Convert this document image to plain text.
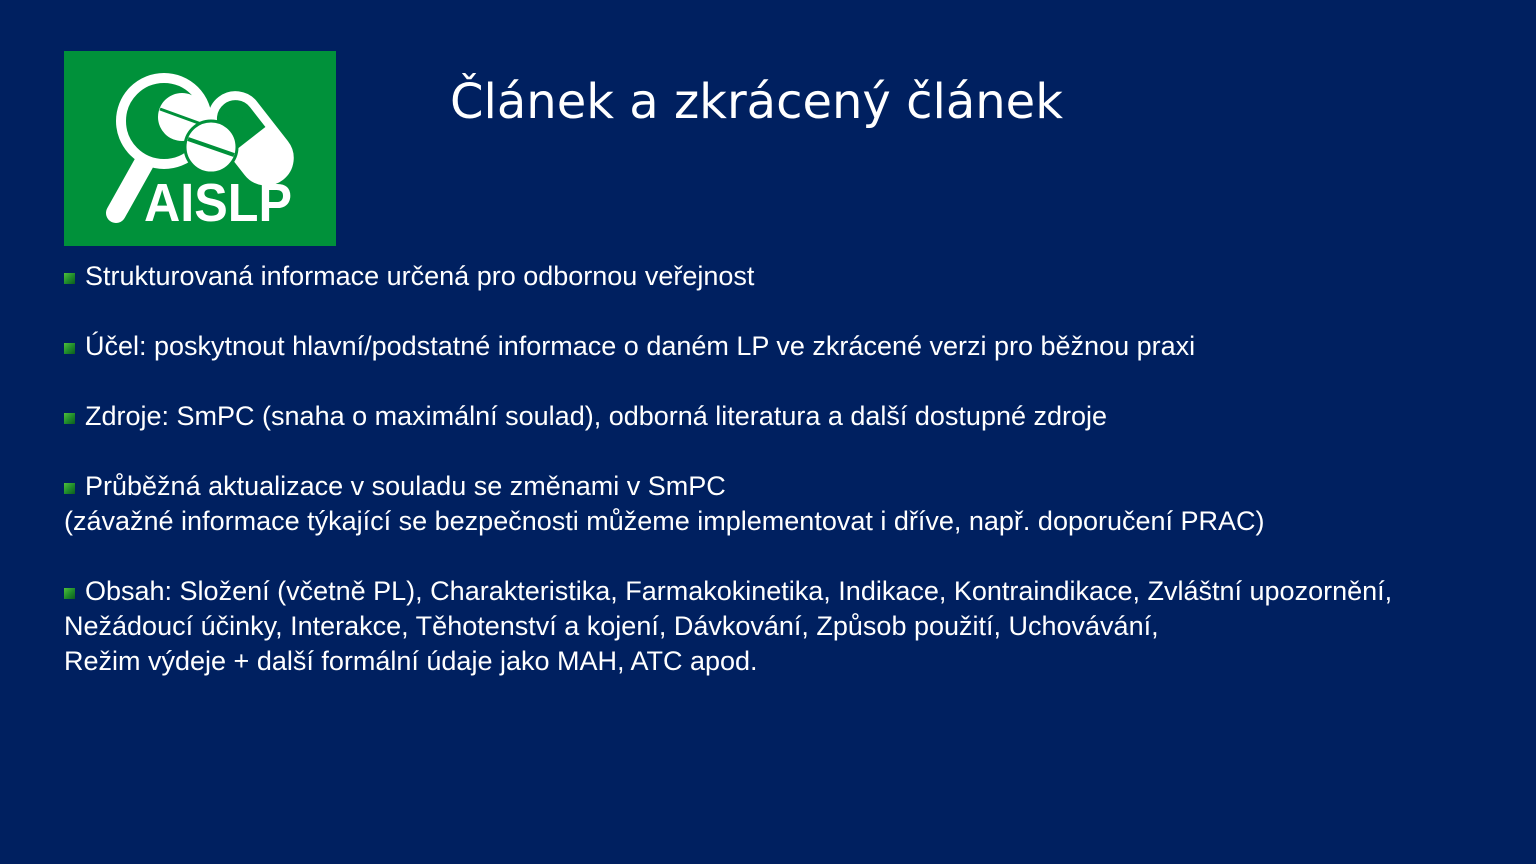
AISLP
Článek a zkrácený článek
Strukturovaná informace určená pro odbornou veřejnost
Účel: poskytnout hlavní/podstatné informace o daném LP ve zkrácené verzi pro běžnou praxi
Zdroje: SmPC (snaha o maximální soulad), odborná literatura a další dostupné zdroje
Průběžná aktualizace v souladu se změnami v SmPC
(závažné informace týkající se bezpečnosti můžeme implementovat i dříve, např. doporučení PRAC)
Obsah: Složení (včetně PL), Charakteristika, Farmakokinetika, Indikace, Kontraindikace, Zvláštní upozornění,
Nežádoucí účinky, Interakce, Těhotenství a kojení, Dávkování, Způsob použití, Uchovávání,
Režim výdeje + další formální údaje jako MAH, ATC apod.
